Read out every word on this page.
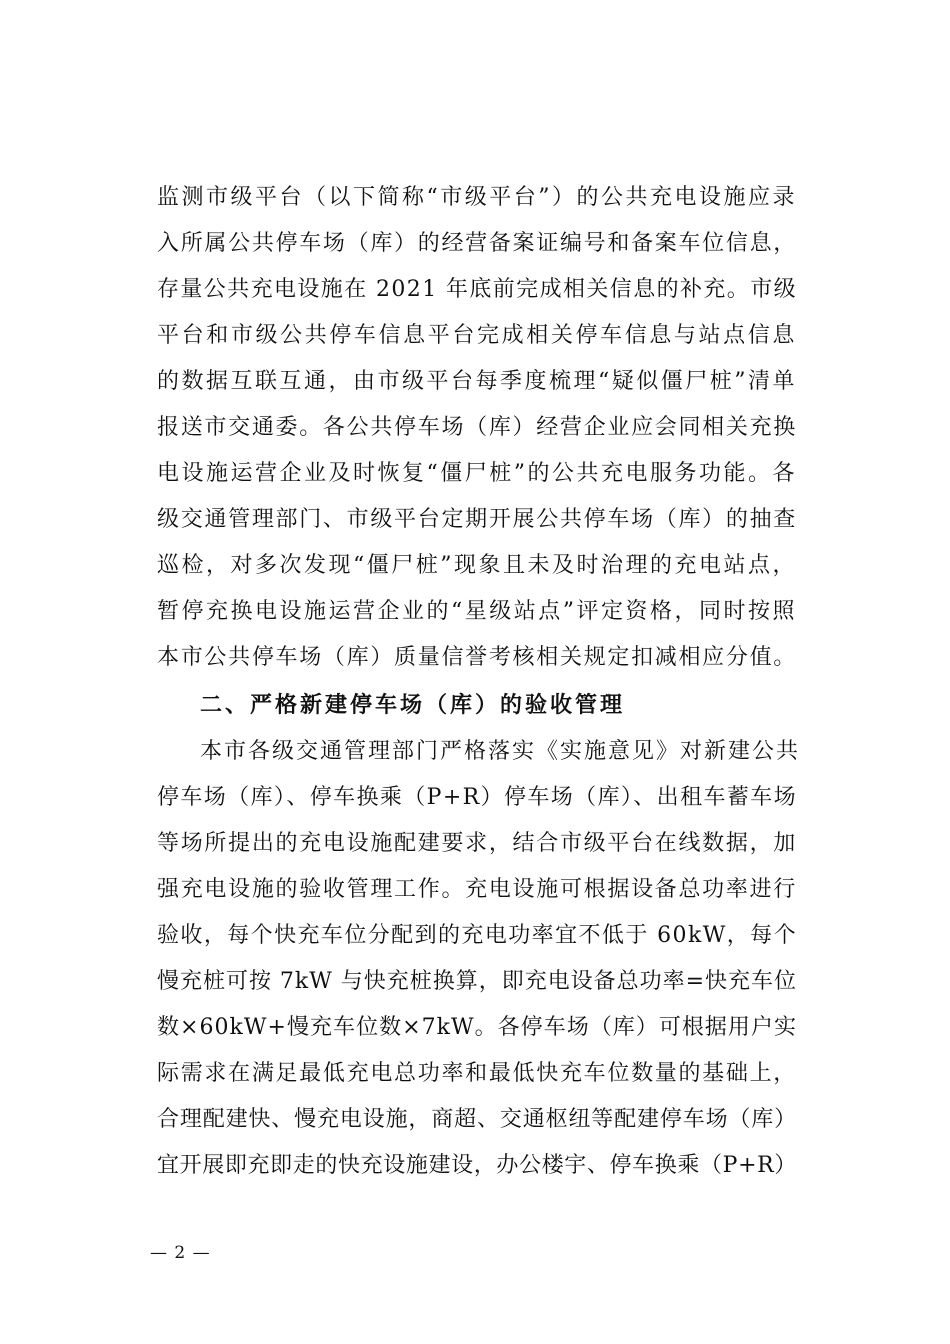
监测市级平台（以下简称“市级平台”）的公共充电设施应录
入所属公共停车场（库）的经营备案证编号和备案车位信息，
存量公共充电设施在 2021 年底前完成相关信息的补充。市级
平台和市级公共停车信息平台完成相关停车信息与站点信息
的数据互联互通，由市级平台每季度梳理“疑似僵尸桩”清单
报送市交通委。各公共停车场（库）经营企业应会同相关充换
电设施运营企业及时恢复“僵尸桩”的公共充电服务功能。各
级交通管理部门、市级平台定期开展公共停车场（库）的抽查
巡检，对多次发现“僵尸桩”现象且未及时治理的充电站点，
暂停充换电设施运营企业的“星级站点”评定资格，同时按照
本市公共停车场（库）质量信誉考核相关规定扣减相应分值。
二、严格新建停车场（库）的验收管理
本市各级交通管理部门严格落实《实施意见》对新建公共
停车场（库）、停车换乘（P+R）停车场（库）、出租车蓄车场
等场所提出的充电设施配建要求，结合市级平台在线数据，加
强充电设施的验收管理工作。充电设施可根据设备总功率进行
验收，每个快充车位分配到的充电功率宜不低于 60kW，每个
慢充桩可按 7kW 与快充桩换算，即充电设备总功率=快充车位
数×60kW+慢充车位数×7kW。各停车场（库）可根据用户实
际需求在满足最低充电总功率和最低快充车位数量的基础上，
合理配建快、慢充电设施，商超、交通枢纽等配建停车场（库）
宜开展即充即走的快充设施建设，办公楼宇、停车换乘（P+R）
— 2 —
